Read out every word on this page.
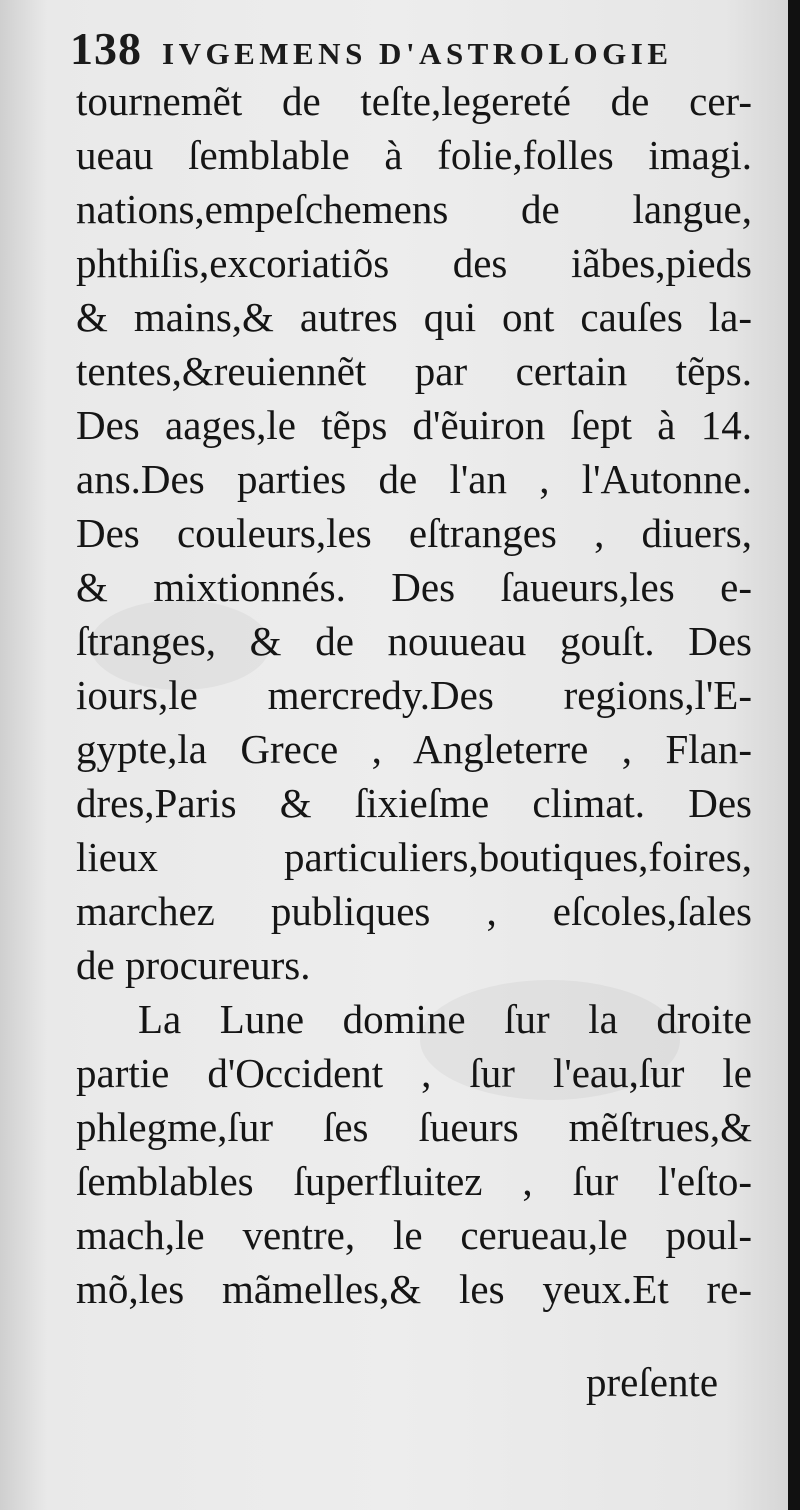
138 IVGEMENS D'ASTROLOGIE
tournemẽt de teſte,legereté de cer-
ueau ſemblable à folie,folles imagi.
nations,empeſchemens de langue,
phthiſis,excoriatiõs des iãbes,pieds
& mains,& autres qui ont cauſes la-
tentes,&reuiennẽt par certain tẽps.
Des aages,le tẽps d'ẽuiron ſept à 14.
ans.Des parties de l'an , l'Autonne.
Des couleurs,les eſtranges , diuers,
& mixtionnés. Des ſaueurs,les e-
ſtranges, & de nouueau gouſt. Des
iours,le mercredy.Des regions,l'E-
gypte,la Grece , Angleterre , Flan-
dres,Paris & ſixieſme climat. Des
lieux particuliers,boutiques,foires,
marchez publiques , eſcoles,ſales
de procureurs.
La Lune domine ſur la droite
partie d'Occident , ſur l'eau,ſur le
phlegme,ſur ſes ſueurs mẽſtrues,&
ſemblables ſuperfluitez , ſur l'eſto-
mach,le ventre, le cerueau,le poul-
mõ,les mãmelles,& les yeux.Et re-
preſente
